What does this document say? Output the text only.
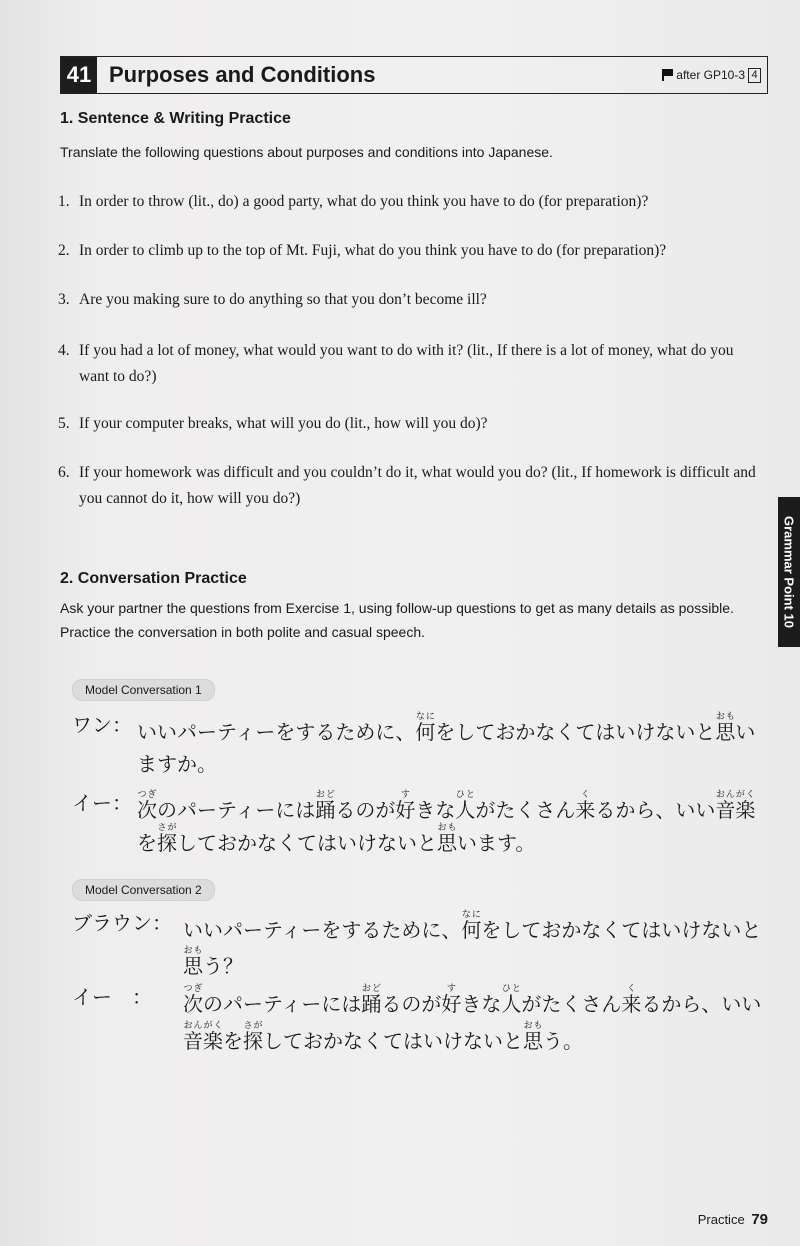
41 Purposes and Conditions	after GP10-3 4
1. Sentence & Writing Practice
Translate the following questions about purposes and conditions into Japanese.
1. In order to throw (lit., do) a good party, what do you think you have to do (for preparation)?
2. In order to climb up to the top of Mt. Fuji, what do you think you have to do (for preparation)?
3. Are you making sure to do anything so that you don’t become ill?
4. If you had a lot of money, what would you want to do with it? (lit., If there is a lot of money, what do you want to do?)
5. If your computer breaks, what will you do (lit., how will you do)?
6. If your homework was difficult and you couldn’t do it, what would you do? (lit., If homework is difficult and you cannot do it, how will you do?)
2. Conversation Practice
Ask your partner the questions from Exercise 1, using follow-up questions to get as many details as possible. Practice the conversation in both polite and casual speech.
Model Conversation 1
ワン： いいパーティーをするために、何なにをしておかなくてはいけないと思おもい
ますか。
イー： 次つぎのパーティーには踊おどるのが好すきな人ひとがたくさん来くるから、いい音楽おんがく
を探さがしておかなくてはいけないと思おもいます。
Model Conversation 2
ブラウン： いいパーティーをするために、何なにをしておかなくてはいけないと
思おもう？
イー　： 次つぎのパーティーには踊おどるのが好すきな人ひとがたくさん来くるから、いい
音楽おんがくを探さがしておかなくてはいけないと思おもう。
Grammar Point 10
Practice 79
